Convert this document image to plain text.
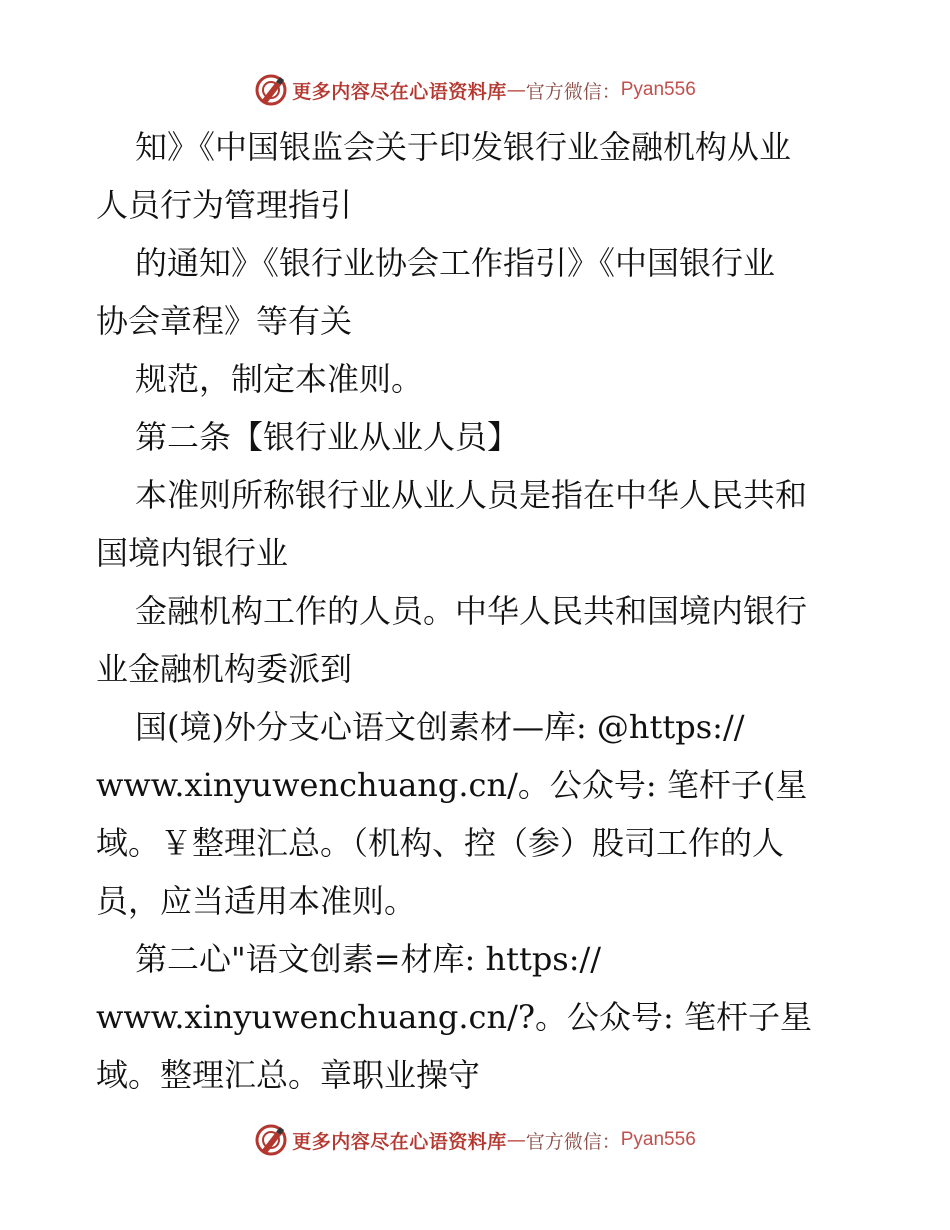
更多内容尽在心语资料库 — 官方微信： Pyan556
知》《中国银监会关于印发银行业金融机构从业
人员行为管理指引
的通知》《银行业协会工作指引》《中国银行业
协会章程》等有关
规范，制定本准则。
第二条【银行业从业人员】
本准则所称银行业从业人员是指在中华人民共和
国境内银行业
金融机构工作的人员。中华人民共和国境内银行
业金融机构委派到
国(境)外分支心语文创素材—库: @https://
www.xinyuwenchuang.cn/。公众号: 笔杆子(星
域。￥整理汇总。（机构、控（参）股司工作的人
员，应当适用本准则。
第二心"语文创素=材库: https://
www.xinyuwenchuang.cn/?。公众号: 笔杆子星
域。整理汇总。章职业操守
更多内容尽在心语资料库 — 官方微信： Pyan556
